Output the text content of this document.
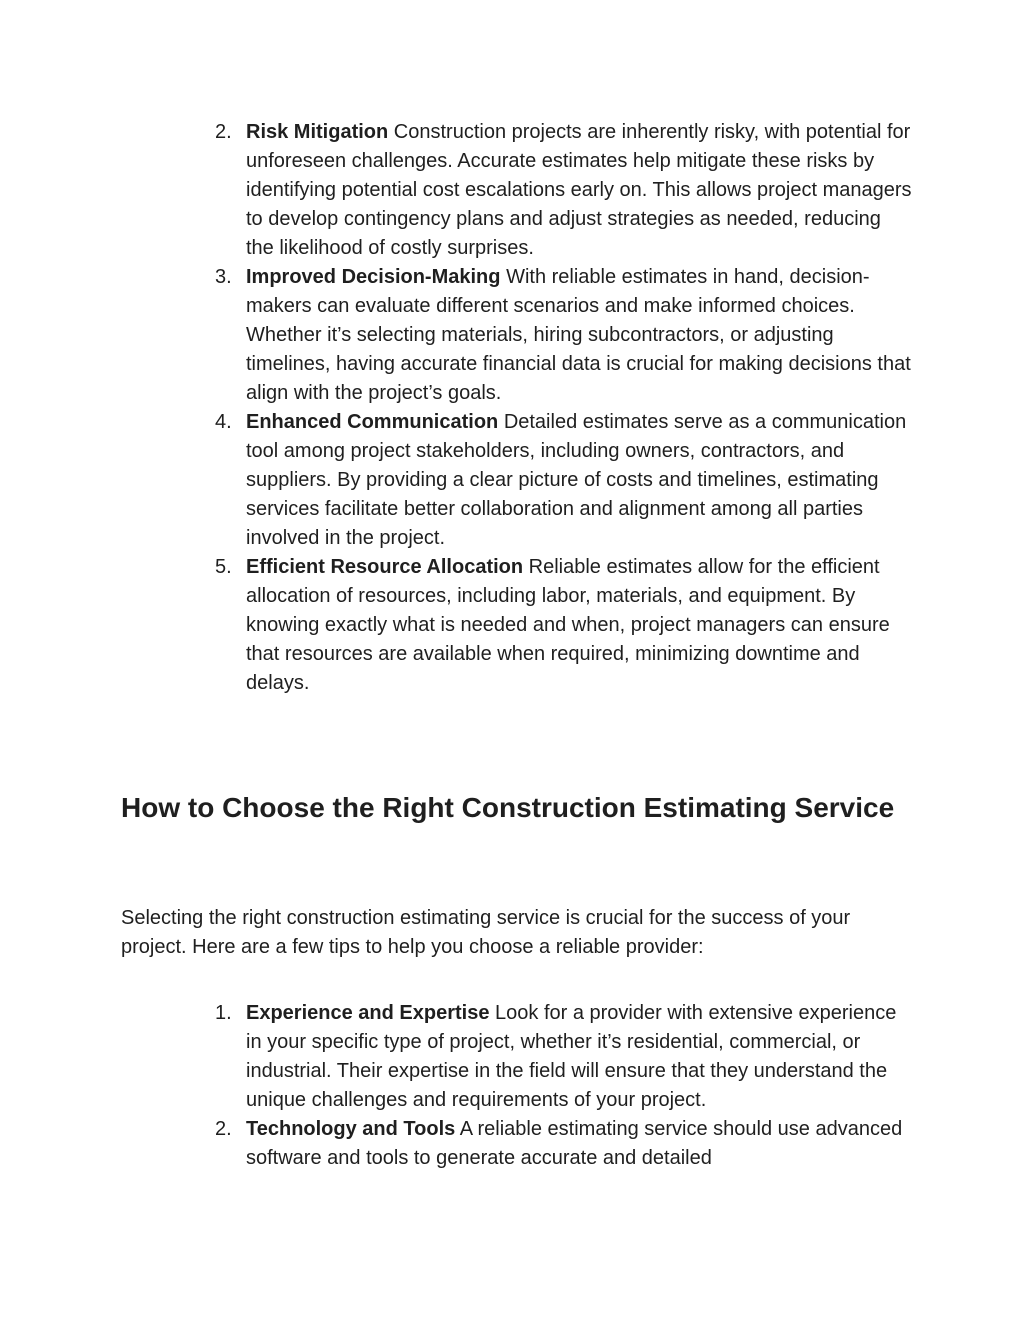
2. Risk Mitigation Construction projects are inherently risky, with potential for unforeseen challenges. Accurate estimates help mitigate these risks by identifying potential cost escalations early on. This allows project managers to develop contingency plans and adjust strategies as needed, reducing the likelihood of costly surprises.
3. Improved Decision-Making With reliable estimates in hand, decision-makers can evaluate different scenarios and make informed choices. Whether it’s selecting materials, hiring subcontractors, or adjusting timelines, having accurate financial data is crucial for making decisions that align with the project’s goals.
4. Enhanced Communication Detailed estimates serve as a communication tool among project stakeholders, including owners, contractors, and suppliers. By providing a clear picture of costs and timelines, estimating services facilitate better collaboration and alignment among all parties involved in the project.
5. Efficient Resource Allocation Reliable estimates allow for the efficient allocation of resources, including labor, materials, and equipment. By knowing exactly what is needed and when, project managers can ensure that resources are available when required, minimizing downtime and delays.
How to Choose the Right Construction Estimating Service

Selecting the right construction estimating service is crucial for the success of your project. Here are a few tips to help you choose a reliable provider:

1. Experience and Expertise Look for a provider with extensive experience in your specific type of project, whether it’s residential, commercial, or industrial. Their expertise in the field will ensure that they understand the unique challenges and requirements of your project.
2. Technology and Tools A reliable estimating service should use advanced software and tools to generate accurate and detailed
